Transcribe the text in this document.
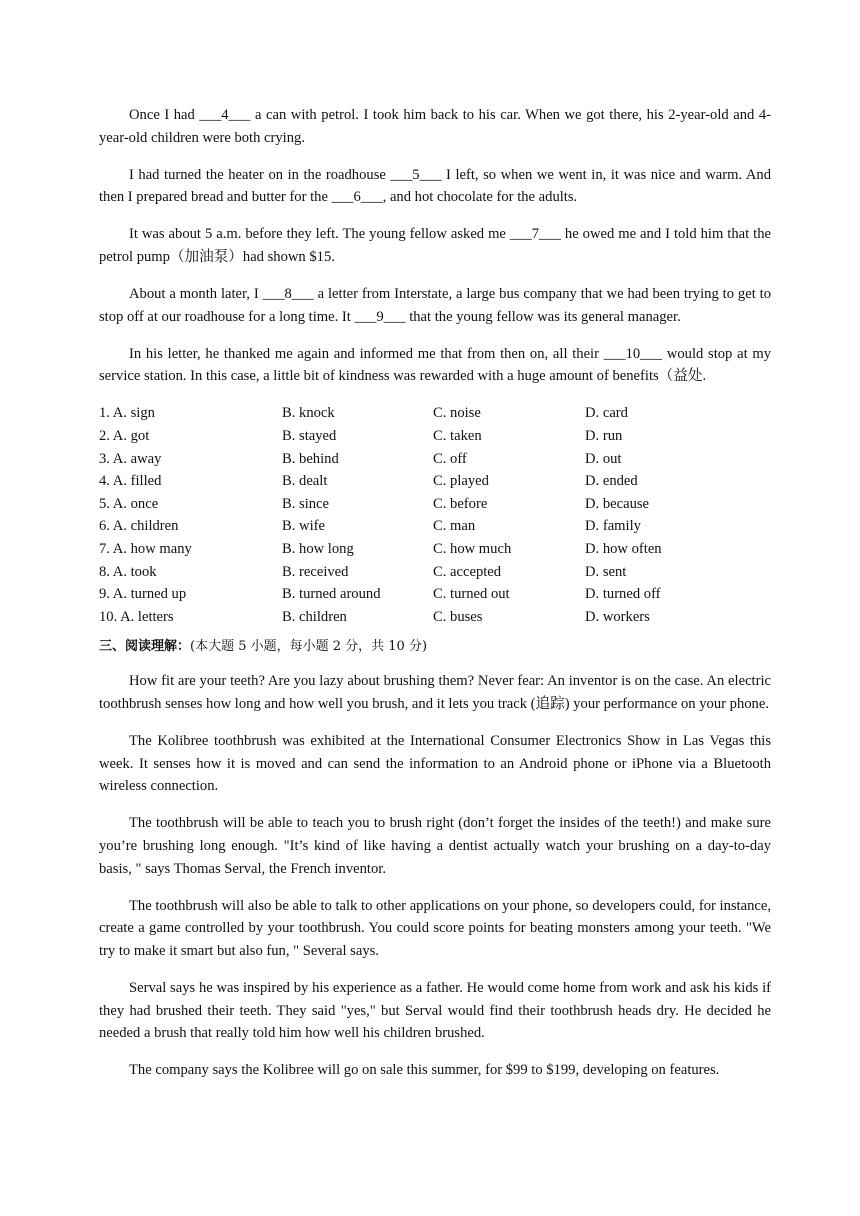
Once I had ___4___ a can with petrol. I took him back to his car. When we got there, his 2-year-old and 4-year-old children were both crying.

I had turned the heater on in the roadhouse ___5___ I left, so when we went in, it was nice and warm. And then I prepared bread and butter for the ___6___, and hot chocolate for the adults.

It was about 5 a.m. before they left. The young fellow asked me ___7___ he owed me and I told him that the petrol pump（加油泵）had shown $15.

About a month later, I ___8___ a letter from Interstate, a large bus company that we had been trying to get to stop off at our roadhouse for a long time. It ___9___ that the young fellow was its general manager.

In his letter, he thanked me again and informed me that from then on, all their ___10___ would stop at my service station. In this case, a little bit of kindness was rewarded with a huge amount of benefits（益处.

1. A. sign	B. knock	C. noise	D. card
2. A. got	B. stayed	C. taken	D. run
3. A. away	B. behind	C. off	D. out
4. A. filled	B. dealt	C. played	D. ended
5. A. once	B. since	C. before	D. because
6. A. children	B. wife	C. man	D. family
7. A. how many	B. how long	C. how much	D. how often
8. A. took	B. received	C. accepted	D. sent
9. A. turned up	B. turned around	C. turned out	D. turned off
10. A. letters	B. children	C. buses	D. workers
三、阅读理解：(本大题 5 小题，每小题 2 分，共 10 分)

How fit are your teeth? Are you lazy about brushing them? Never fear: An inventor is on the case. An electric toothbrush senses how long and how well you brush, and it lets you track (追踪) your performance on your phone.

The Kolibree toothbrush was exhibited at the International Consumer Electronics Show in Las Vegas this week. It senses how it is moved and can send the information to an Android phone or iPhone via a Bluetooth wireless connection.

The toothbrush will be able to teach you to brush right (don’t forget the insides of the teeth!) and make sure you’re brushing long enough. "It’s kind of like having a dentist actually watch your brushing on a day-to-day basis, " says Thomas Serval, the French inventor.

The toothbrush will also be able to talk to other applications on your phone, so developers could, for instance, create a game controlled by your toothbrush. You could score points for beating monsters among your teeth. "We try to make it smart but also fun, " Several says.

Serval says he was inspired by his experience as a father. He would come home from work and ask his kids if they had brushed their teeth. They said "yes," but Serval would find their toothbrush heads dry. He decided he needed a brush that really told him how well his children brushed.

The company says the Kolibree will go on sale this summer, for $99 to $199, developing on features.
